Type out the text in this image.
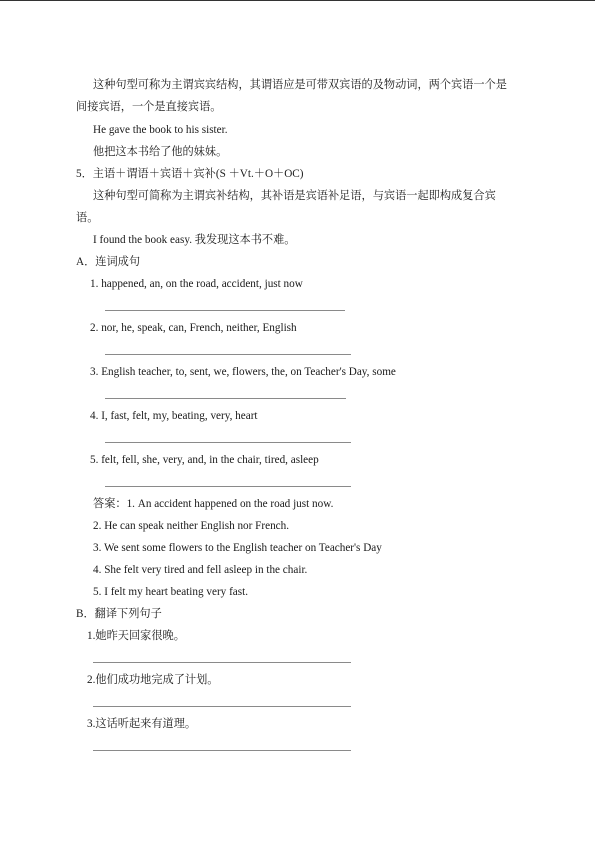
这种句型可称为主谓宾宾结构，其谓语应是可带双宾语的及物动词，两个宾语一个是
间接宾语，一个是直接宾语。
He gave the book to his sister.
他把这本书给了他的妹妹。
5．主语＋谓语＋宾语＋宾补(S ＋Vt.＋O＋OC)
这种句型可简称为主谓宾补结构，其补语是宾语补足语，与宾语一起即构成复合宾
语。
I found the book easy. 我发现这本书不难。
A．连词成句
1. happened, an, on the road, accident, just now
2. nor, he, speak, can, French, neither, English
3. English teacher, to, sent, we, flowers, the, on Teacher's Day, some
4. I, fast, felt, my, beating, very, heart
5. felt, fell, she, very, and, in the chair, tired, asleep
答案：1. An accident happened on the road just now.
2. He can speak neither English nor French.
3. We sent some flowers to the English teacher on Teacher's Day
4. She felt very tired and fell asleep in the chair.
5. I felt my heart beating very fast.
B．翻译下列句子
1.她昨天回家很晚。
2.他们成功地完成了计划。
3.这话听起来有道理。
